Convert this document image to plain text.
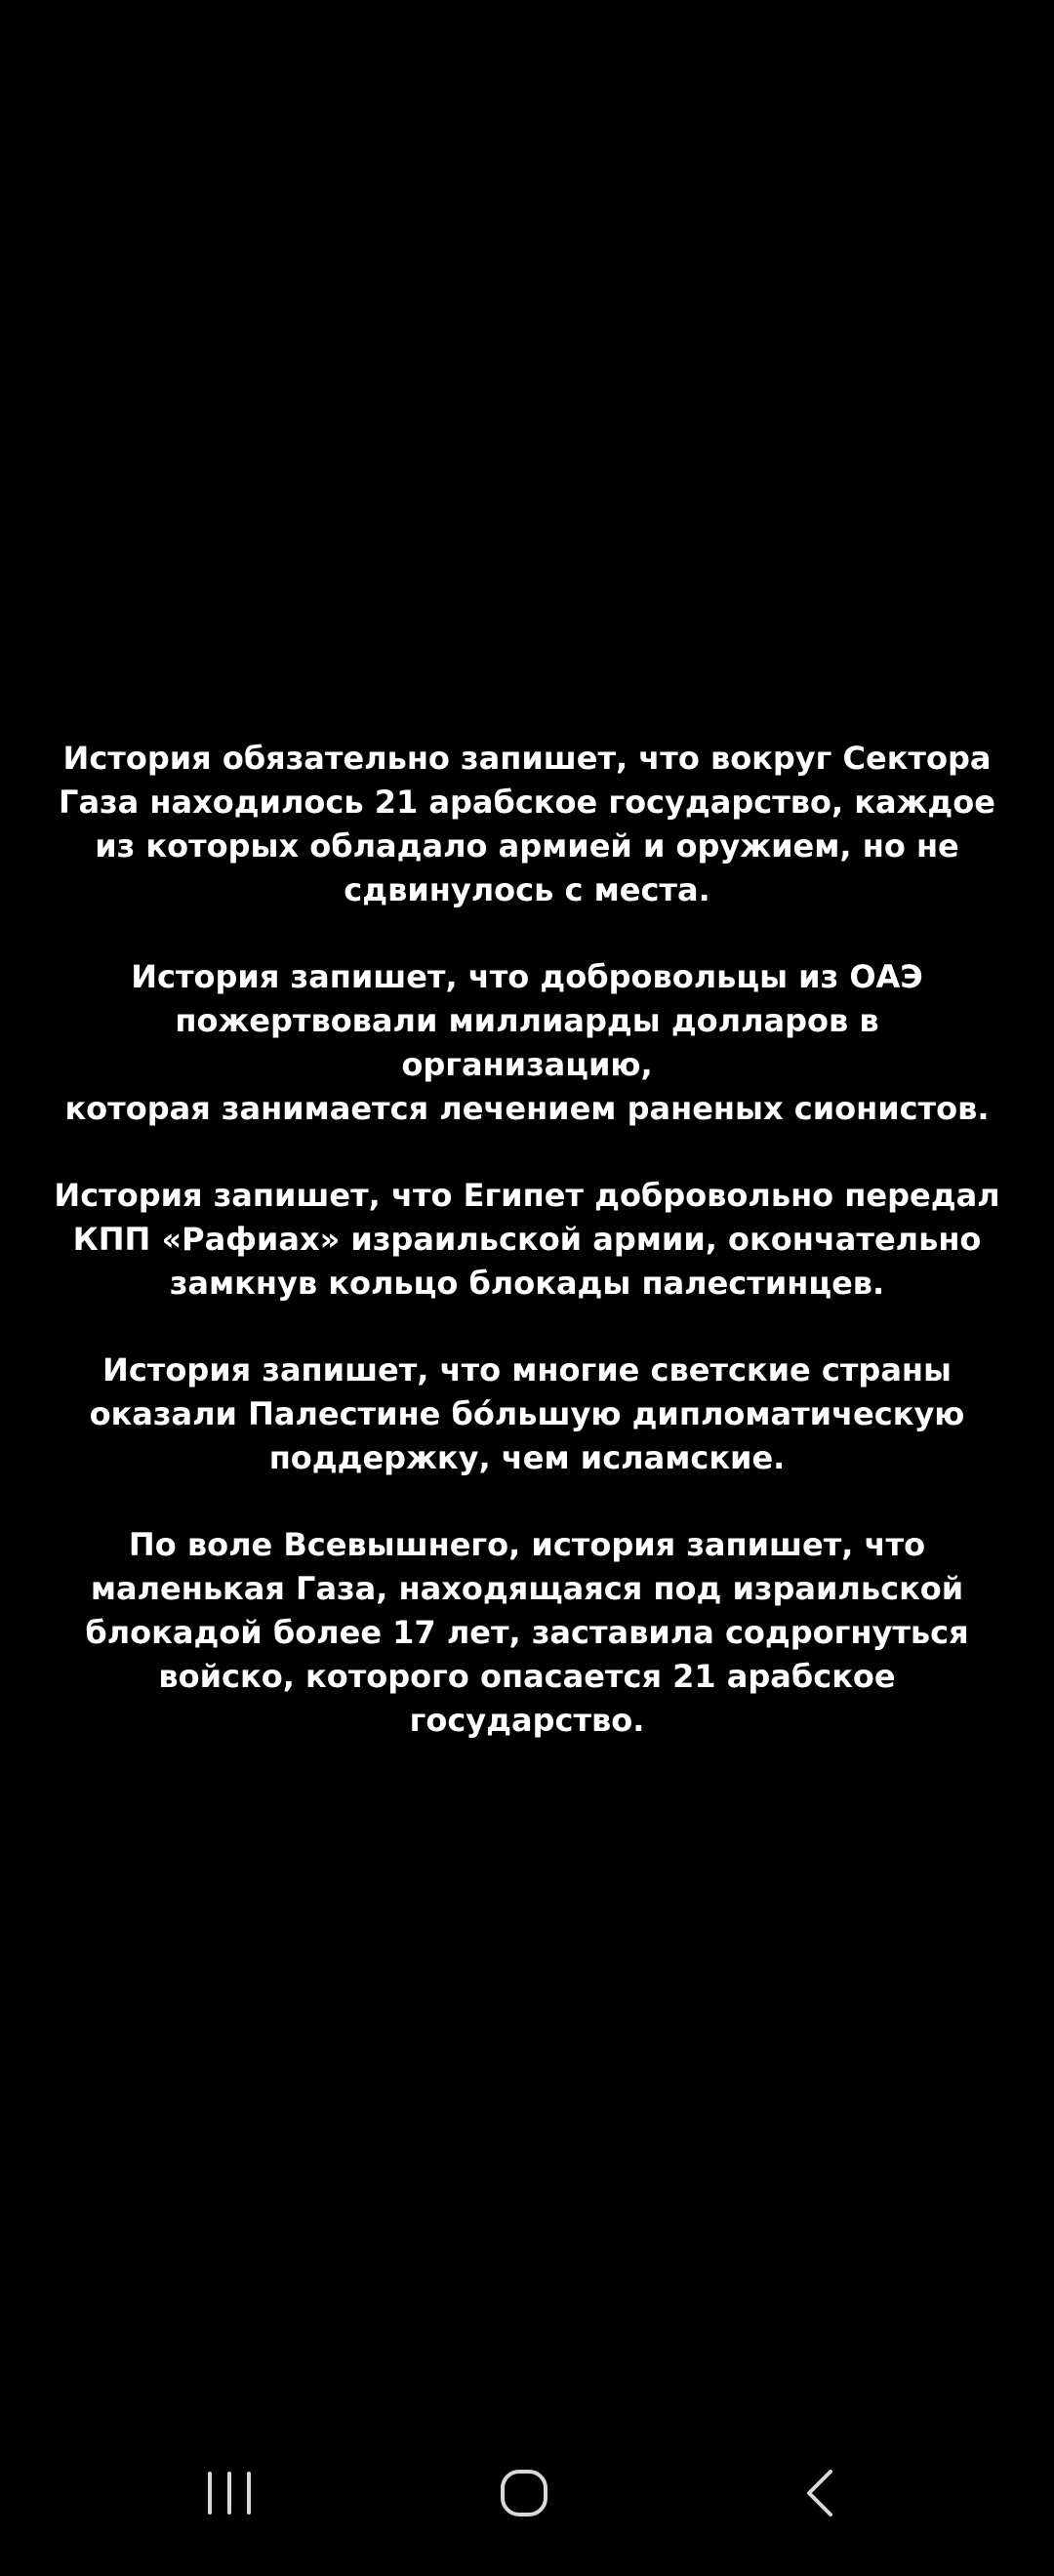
История обязательно запишет, что вокруг Сектора
Газа находилось 21 арабское государство, каждое
из которых обладало армией и оружием, но не
сдвинулось с места.

История запишет, что добровольцы из ОАЭ
пожертвовали миллиарды долларов в организацию,
которая занимается лечением раненых сионистов.

История запишет, что Египет добровольно передал
КПП «Рафиах» израильской армии, окончательно
замкнув кольцо блокады палестинцев.

История запишет, что многие светские страны
оказали Палестине бóльшую дипломатическую
поддержку, чем исламские.

По воле Всевышнего, история запишет, что
маленькая Газа, находящаяся под израильской
блокадой более 17 лет, заставила содрогнуться
войско, которого опасается 21 арабское
государство.
